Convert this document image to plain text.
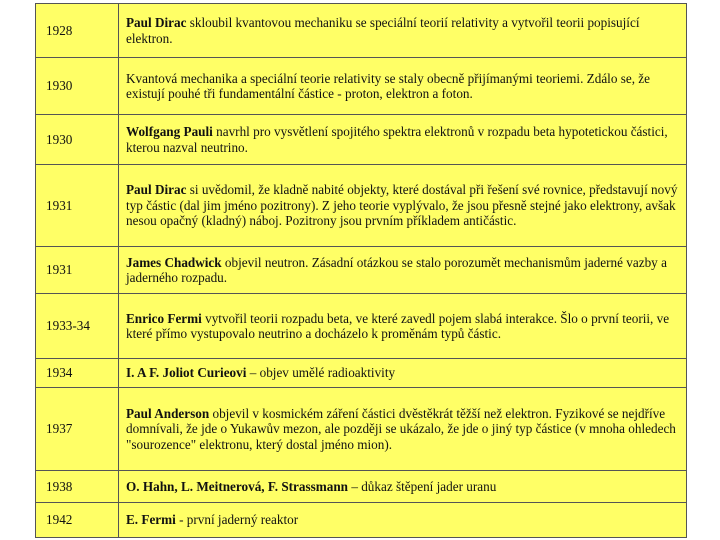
1928	Paul Dirac skloubil kvantovou mechaniku se speciální teorií relativity a vytvořil teorii popisující elektron.
1930	Kvantová mechanika a speciální teorie relativity se staly obecně přijímanými teoriemi. Zdálo se, že existují pouhé tři fundamentální částice - proton, elektron a foton.
1930	Wolfgang Pauli navrhl pro vysvětlení spojitého spektra elektronů v rozpadu beta hypotetickou částici, kterou nazval neutrino.
1931	Paul Dirac si uvědomil, že kladně nabité objekty, které dostával při řešení své rovnice, představují nový typ částic (dal jim jméno pozitrony). Z jeho teorie vyplývalo, že jsou přesně stejné jako elektrony, avšak nesou opačný (kladný) náboj. Pozitrony jsou prvním příkladem antičástic.
1931	James Chadwick objevil neutron. Zásadní otázkou se stalo porozumět mechanismům jaderné vazby a jaderného rozpadu.
1933-34	Enrico Fermi vytvořil teorii rozpadu beta, ve které zavedl pojem slabá interakce. Šlo o první teorii, ve které přímo vystupovalo neutrino a docházelo k proměnám typů částic.
1934	I. A F. Joliot Curieovi – objev umělé radioaktivity
1937	Paul Anderson objevil v kosmickém záření částici dvěstěkrát těžší než elektron. Fyzikové se nejdříve domnívali, že jde o Yukawův mezon, ale později se ukázalo, že jde o jiný typ částice (v mnoha ohledech "sourozence" elektronu, který dostal jméno mion).
1938	O. Hahn, L. Meitnerová, F. Strassmann – důkaz štěpení jader uranu
1942	E. Fermi - první jaderný reaktor
